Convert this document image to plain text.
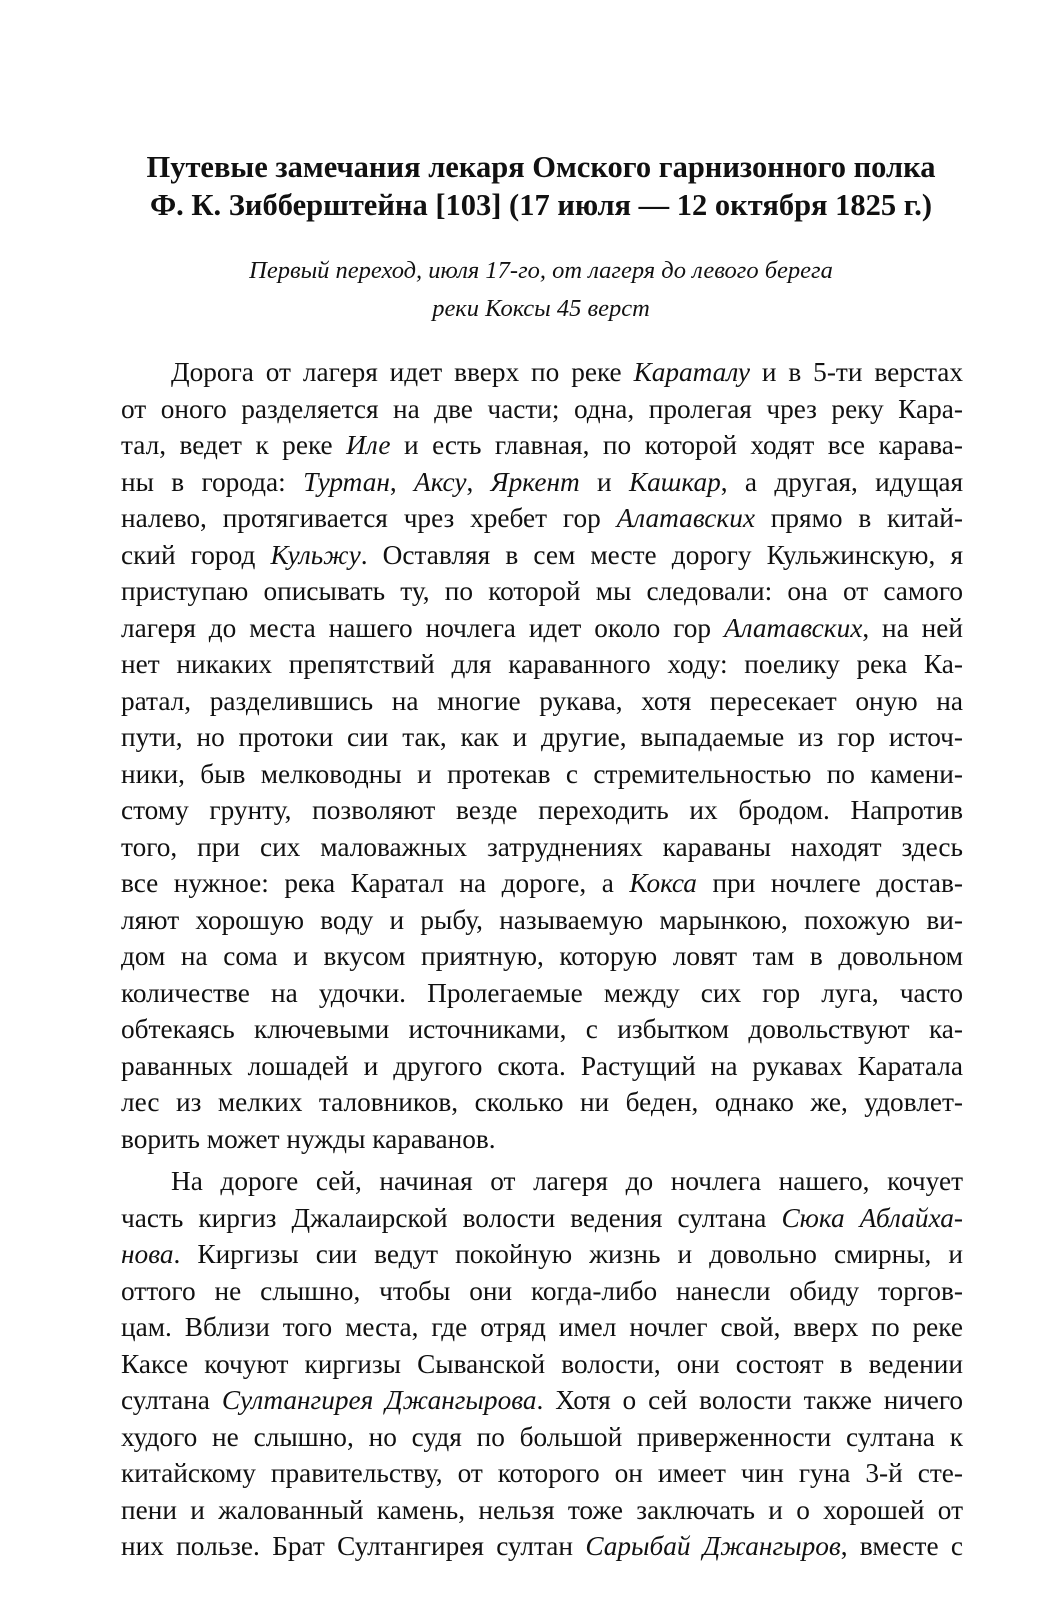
Путевые замечания лекаря Омского гарнизонного полка
Ф. К. Зибберштейна [103] (17 июля — 12 октября 1825 г.)
Первый переход, июля 17-го, от лагеря до левого берега
реки Коксы 45 верст
Дорога от лагеря идет вверх по реке Караталу и в 5-ти верстах
от оного разделяется на две части; одна, пролегая чрез реку Кара-
тал, ведет к реке Иле и есть главная, по которой ходят все карава-
ны в города: Туртан, Аксу, Яркент и Кашкар, а другая, идущая
налево, протягивается чрез хребет гор Алатавских прямо в китай-
ский город Кульжу. Оставляя в сем месте дорогу Кульжинскую, я
приступаю описывать ту, по которой мы следовали: она от самого
лагеря до места нашего ночлега идет около гор Алатавских, на ней
нет никаких препятствий для караванного ходу: поелику река Ка-
ратал, разделившись на многие рукава, хотя пересекает оную на
пути, но протоки сии так, как и другие, выпадаемые из гор источ-
ники, быв мелководны и протекав с стремительностью по камени-
стому грунту, позволяют везде переходить их бродом. Напротив
того, при сих маловажных затруднениях караваны находят здесь
все нужное: река Каратал на дороге, а Кокса при ночлеге достав-
ляют хорошую воду и рыбу, называемую марынкою, похожую ви-
дом на сома и вкусом приятную, которую ловят там в довольном
количестве на удочки. Пролегаемые между сих гор луга, часто
обтекаясь ключевыми источниками, с избытком довольствуют ка-
раванных лошадей и другого скота. Растущий на рукавах Каратала
лес из мелких таловников, сколько ни беден, однако же, удовлет-
ворить может нужды караванов.
На дороге сей, начиная от лагеря до ночлега нашего, кочует
часть киргиз Джалаирской волости ведения султана Сюка Аблайха-
нова. Киргизы сии ведут покойную жизнь и довольно смирны, и
оттого не слышно, чтобы они когда-либо нанесли обиду торгов-
цам. Вблизи того места, где отряд имел ночлег свой, вверх по реке
Каксе кочуют киргизы Сыванской волости, они состоят в ведении
султана Султангирея Джангырова. Хотя о сей волости также ничего
худого не слышно, но судя по большой приверженности султана к
китайскому правительству, от которого он имеет чин гуна 3-й сте-
пени и жалованный камень, нельзя тоже заключать и о хорошей от
них пользе. Брат Султангирея султан Сарыбай Джангыров, вместе с
